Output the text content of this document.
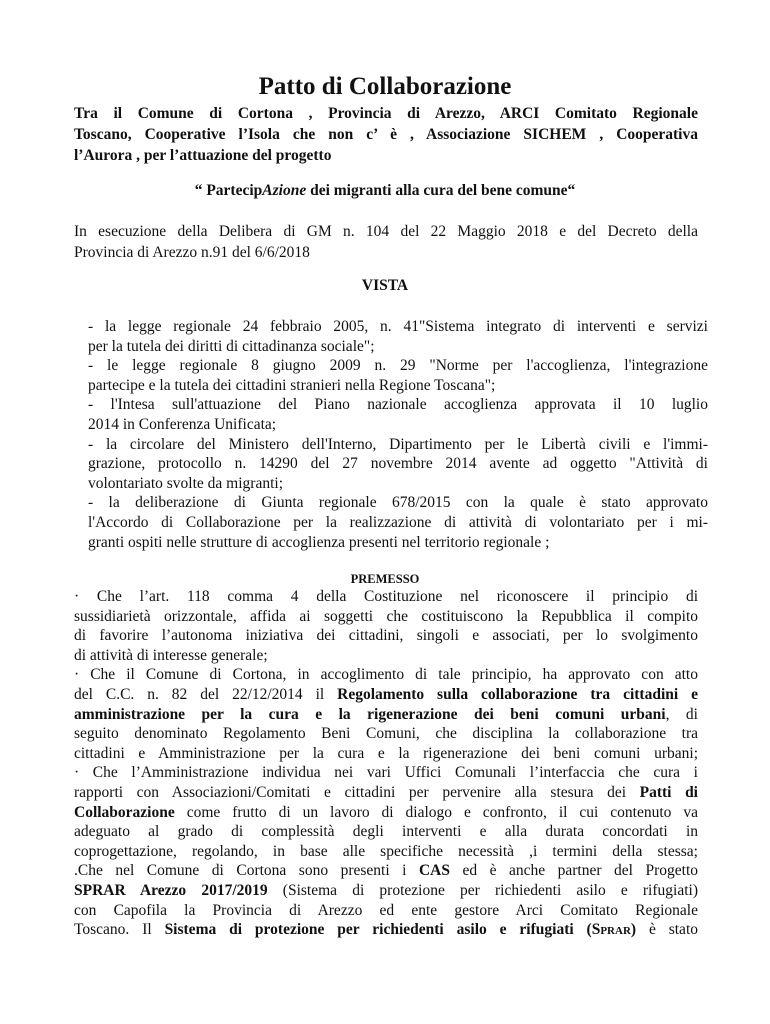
Patto di Collaborazione
Tra il Comune di Cortona , Provincia di Arezzo, ARCI Comitato Regionale
Toscano, Cooperative l’Isola che non c’ è , Associazione SICHEM , Cooperativa
l’Aurora , per l’attuazione del progetto
“ PartecipAzione dei migranti alla cura del bene comune“
In esecuzione della Delibera di GM n. 104 del 22 Maggio 2018 e del Decreto della
Provincia di Arezzo n.91 del 6/6/2018
VISTA
- la legge regionale 24 febbraio 2005, n. 41"Sistema integrato di interventi e servizi
per la tutela dei diritti di cittadinanza sociale";
- le legge regionale 8 giugno 2009 n. 29 "Norme per l'accoglienza, l'integrazione
partecipe e la tutela dei cittadini stranieri nella Regione Toscana";
- l'Intesa sull'attuazione del Piano nazionale accoglienza approvata il 10 luglio
2014 in Conferenza Unificata;
- la circolare del Ministero dell'Interno, Dipartimento per le Libertà civili e l'immi-
grazione, protocollo n. 14290 del 27 novembre 2014 avente ad oggetto "Attività di
volontariato svolte da migranti;
- la deliberazione di Giunta regionale 678/2015 con la quale è stato approvato
l'Accordo di Collaborazione per la realizzazione di attività di volontariato per i mi-
granti ospiti nelle strutture di accoglienza presenti nel territorio regionale ;
PREMESSO
· Che l’art. 118 comma 4 della Costituzione nel riconoscere il principio di
sussidiarietà orizzontale, affida ai soggetti che costituiscono la Repubblica il compito
di favorire l’autonoma iniziativa dei cittadini, singoli e associati, per lo svolgimento
di attività di interesse generale;
· Che il Comune di Cortona, in accoglimento di tale principio, ha approvato con atto
del C.C. n. 82 del 22/12/2014 il Regolamento sulla collaborazione tra cittadini e
amministrazione per la cura e la rigenerazione dei beni comuni urbani, di
seguito denominato Regolamento Beni Comuni, che disciplina la collaborazione tra
cittadini e Amministrazione per la cura e la rigenerazione dei beni comuni urbani;
· Che l’Amministrazione individua nei vari Uffici Comunali l’interfaccia che cura i
rapporti con Associazioni/Comitati e cittadini per pervenire alla stesura dei Patti di
Collaborazione come frutto di un lavoro di dialogo e confronto, il cui contenuto va
adeguato al grado di complessità degli interventi e alla durata concordati in
coprogettazione, regolando, in base alle specifiche necessità ,i termini della stessa;
.Che nel Comune di Cortona sono presenti i CAS ed è anche partner del Progetto
SPRAR Arezzo 2017/2019 (Sistema di protezione per richiedenti asilo e rifugiati)
con Capofila la Provincia di Arezzo ed ente gestore Arci Comitato Regionale
Toscano. Il Sistema di protezione per richiedenti asilo e rifugiati (Sprar) è stato
